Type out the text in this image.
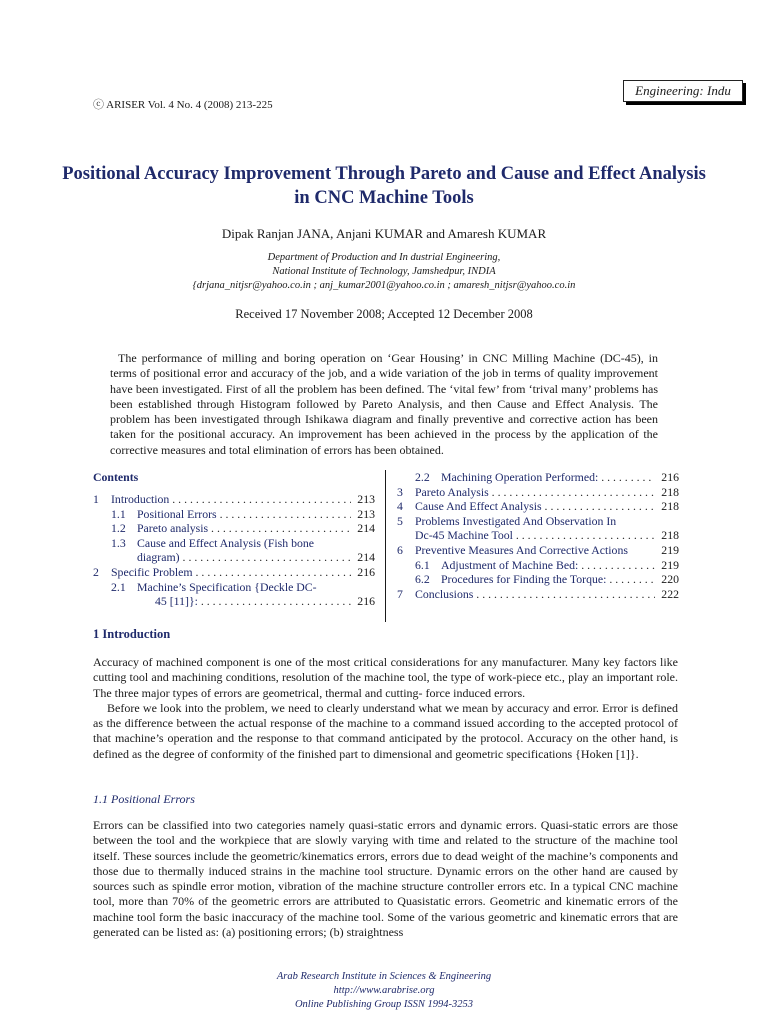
Engineering: Indu
ⓒ ARISER Vol. 4 No. 4 (2008) 213-225
Positional Accuracy Improvement Through Pareto and Cause and Effect Analysis in CNC Machine Tools
Dipak Ranjan JANA, Anjani KUMAR and Amaresh KUMAR
Department of Production and In dustrial Engineering,
National Institute of Technology, Jamshedpur, INDIA
{drjana_nitjsr@yahoo.co.in ; anj_kumar2001@yahoo.co.in ; amaresh_nitjsr@yahoo.co.in
Received 17 November 2008; Accepted 12 December 2008

The performance of milling and boring operation on ‘Gear Housing’ in CNC Milling Machine (DC-45), in terms of positional error and accuracy of the job, and a wide variation of the job in terms of quality improvement have been investigated. First of all the problem has been defined. The ‘vital few’ from ‘trival many’ problems has been established through Histogram followed by Pareto Analysis, and then Cause and Effect Analysis. The problem has been investigated through Ishikawa diagram and finally preventive and corrective action has been taken for the positional accuracy. An improvement has been achieved in the process by the application of the corrective measures and total elimination of errors has been obtained.

Contents
1	Introduction . . .	213
1.1 Positional Errors . . .	213
1.2 Pareto analysis . . .	214
1.3 Cause and Effect Analysis (Fish bone
diagram) . . .	214
2	Specific Problem . . .	216
2.1 Machine’s Specification {Deckle DC-
45 [11]}: . . .	216
2.2 Machining Operation Performed: . . .	216
3	Pareto Analysis . . .	218
4	Cause And Effect Analysis . . .	218
5	Problems Investigated And Observation In
Dc-45 Machine Tool . . .	218
6	Preventive Measures And Corrective Actions	219
6.1 Adjustment of Machine Bed: . . .	219
6.2 Procedures for Finding the Torque: . . .	220
7	Conclusions . . .	222
1 Introduction

Accuracy of machined component is one of the most critical considerations for any manufacturer. Many key factors like cutting tool and machining conditions, resolution of the machine tool, the type of work-piece etc., play an important role. The three major types of errors are geometrical, thermal and cutting- force induced errors.

Before we look into the problem, we need to clearly understand what we mean by accuracy and error. Error is defined as the difference between the actual response of the machine to a command issued according to the accepted protocol of that machine’s operation and the response to that command anticipated by the protocol. Accuracy on the other hand, is defined as the degree of conformity of the finished part to dimensional and geometric specifications {Hoken [1]}.

1.1 Positional Errors

Errors can be classified into two categories namely quasi-static errors and dynamic errors. Quasi-static errors are those between the tool and the workpiece that are slowly varying with time and related to the structure of the machine tool itself. These sources include the geometric/kinematics errors, errors due to dead weight of the machine’s components and those due to thermally induced strains in the machine tool structure. Dynamic errors on the other hand are caused by sources such as spindle error motion, vibration of the machine structure controller errors etc. In a typical CNC machine tool, more than 70% of the geometric errors are attributed to Quasistatic errors. Geometric and kinematic errors of the machine tool form the basic inaccuracy of the machine tool. Some of the various geometric and kinematic errors that are generated can be listed as: (a) positioning errors; (b) straightness

Arab Research Institute in Sciences & Engineering
http://www.arabrise.org
Online Publishing Group ISSN 1994-3253
